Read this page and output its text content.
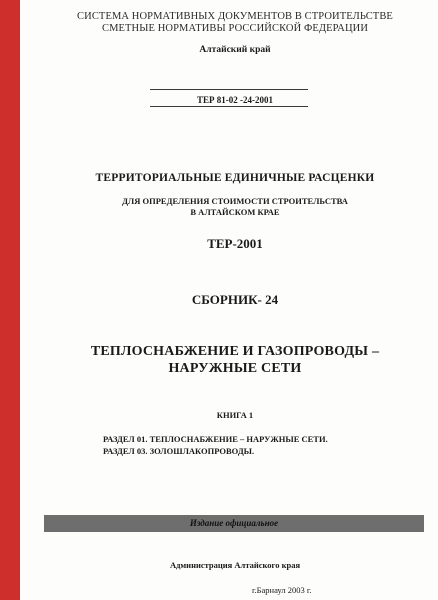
СИСТЕМА НОРМАТИВНЫХ ДОКУМЕНТОВ В СТРОИТЕЛЬСТВЕ
СМЕТНЫЕ НОРМАТИВЫ РОССИЙСКОЙ ФЕДЕРАЦИИ
Алтайский край
ТЕР 81-02 -24-2001
ТЕРРИТОРИАЛЬНЫЕ ЕДИНИЧНЫЕ РАСЦЕНКИ
ДЛЯ ОПРЕДЕЛЕНИЯ СТОИМОСТИ СТРОИТЕЛЬСТВА
В АЛТАЙСКОМ КРАЕ
ТЕР-2001
СБОРНИК- 24
ТЕПЛОСНАБЖЕНИЕ И ГАЗОПРОВОДЫ –
НАРУЖНЫЕ СЕТИ
КНИГА 1
РАЗДЕЛ 01. ТЕПЛОСНАБЖЕНИЕ – НАРУЖНЫЕ СЕТИ.
РАЗДЕЛ 03. ЗОЛОШЛАКОПРОВОДЫ.
Издание официальное
Администрация Алтайского края
г.Барнаул 2003 г.
